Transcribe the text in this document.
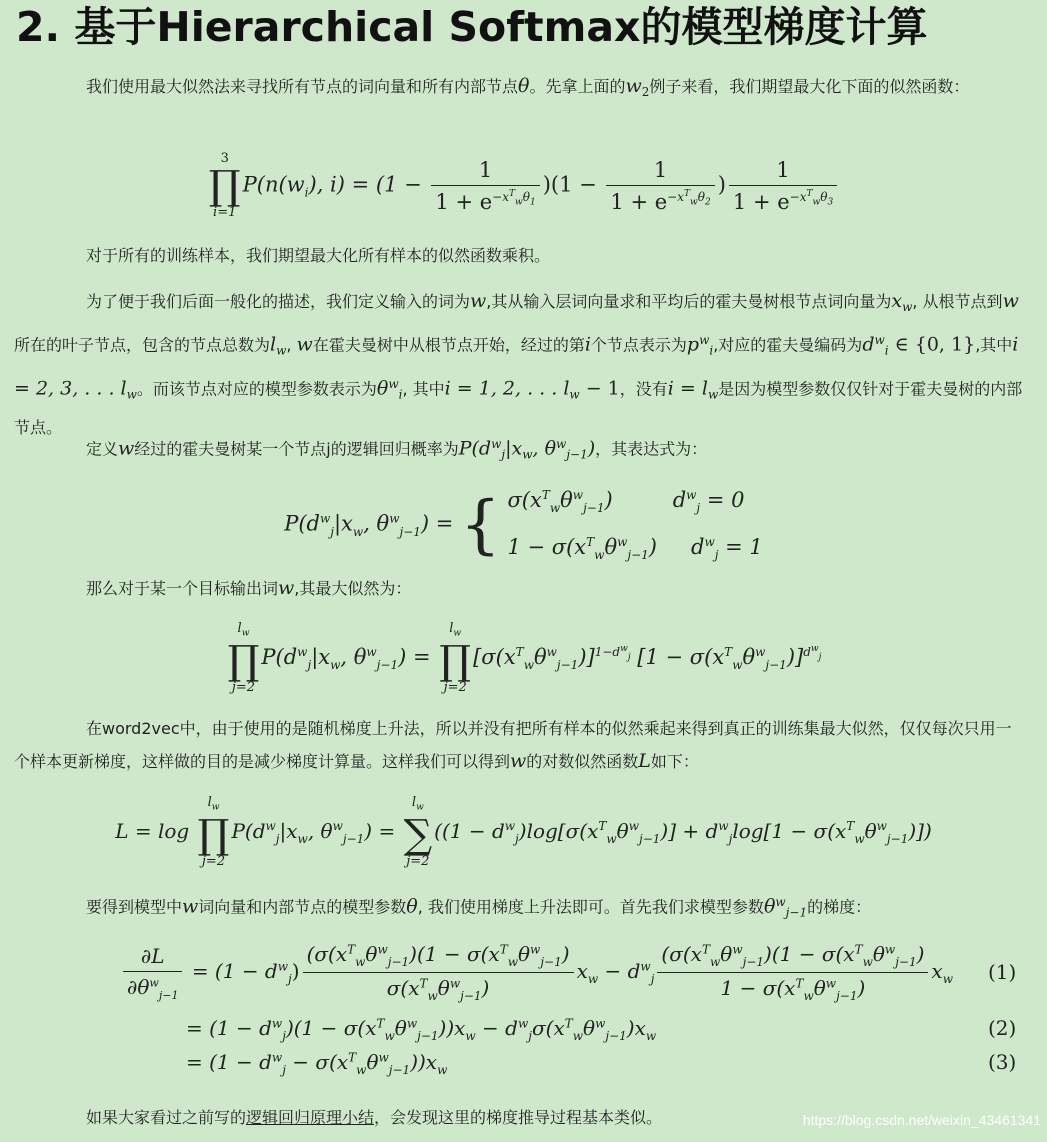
2. 基于Hierarchical Softmax的模型梯度计算

我们使用最大似然法来寻找所有节点的词向量和所有内部节点θ。先拿上面的$w_2$例子来看，我们期望最大化下面的似然函数：

3
∏
$i=1P(n(w_i)$, $i) = (1 - \frac{1}{1 + e^{-x^T_w\theta_1}} )(1 - \frac{1}{1 + e^{-x^T_w\theta_2}}$ ) $\frac{1}{1 + e^{-x^T_w\theta_3}}$

对于所有的训练样本，我们期望最大化所有样本的似然函数乘积。

为了便于我们后面一般化的描述，我们定义输入的词为w,其从输入层词向量求和平均后的霍夫曼树根节点词向量为$x_w$, 从根节点到w所在的叶子节点，包含的节点总数为$l_w$, w在霍夫曼树中从根节点开始，经过的第i个节点表示为$p^w_i$,对应的霍夫曼编码为$d^w_i$ ∈ {0, 1},其中i = 2, 3, . . . $l_w$。而该节点对应的模型参数表示为$\theta^w_i$, 其中i = 1, 2, . . . $l_w - 1$，没有$i = l_w$是因为模型参数仅仅针对于霍夫曼树的内部节点。

定义w经过的霍夫曼树某一个节点j的逻辑回归概率为$P(d^w_j|x_w$, $\theta^w_{j-1}$)，其表达式为：

$P(d^w_j|x_w$, $\theta^w_{j-1}$) = { $\sigma(x^T_w\theta^w_{j-1})$	$d^w_j = 0$
$1 - \sigma(x^T_w\theta^w_{j-1}) d^w_j = 1$

那么对于某一个目标输出词w,其最大似然为：

$l_w$
∏
$j=2P(d^w_j|x_w$, $\theta^w_{j-1}) = l_w$
∏
$j=2[\sigma(x^T_w\theta^w_{j-1})]^{1-d^w_j}$ $[1 - \sigma(x^T_w\theta^w_{j-1})]^{d^w_j}$

在word2vec中，由于使用的是随机梯度上升法，所以并没有把所有样本的似然乘起来得到真正的训练集最大似然，仅仅每次只用一个样本更新梯度，这样做的目的是减少梯度计算量。这样我们可以得到w的对数似然函数L如下：

$L = \log l_w$
∏
$j=2P(d^w_j|x_w$, $\theta^w_{j-1}) = l_w$
∑
$j=2((1 - d^w_j)\log[\sigma(x^T_w\theta^w_{j-1})] + d^w_j\log[1 - \sigma(x^T_w\theta^w_{j-1})])$

要得到模型中w词向量和内部节点的模型参数θ, 我们使用梯度上升法即可。首先我们求模型参数$\theta^w_{j-1}$的梯度：

$\frac{\partial L}{\partial\theta^w_{j-1}} = (1 - d^w_j) \frac{(\sigma(x^T_w\theta^w_{j-1})(1 - \sigma(x^T_w\theta^w_{j-1})}{\sigma(x^T_w\theta^w_{j-1})} x_w - d^w_j \frac{(\sigma(x^T_w\theta^w_{j-1})(1 - \sigma(x^T_w\theta^w_{j-1})}{1 - \sigma(x^T_w\theta^w_{j-1})} x_w$ (1)
= $(1 - d^w_j)(1 - \sigma(x^T_w\theta^w_{j-1}))x_w - d^w_j\sigma(x^T_w\theta^w_{j-1})x_w$	(2)
= $(1 - d^w_j - \sigma(x^T_w\theta^w_{j-1}))x_w$	(3)

如果大家看过之前写的逻辑回归原理小结，会发现这里的梯度推导过程基本类似。	https://blog.csdn.net/weixin_43461341
